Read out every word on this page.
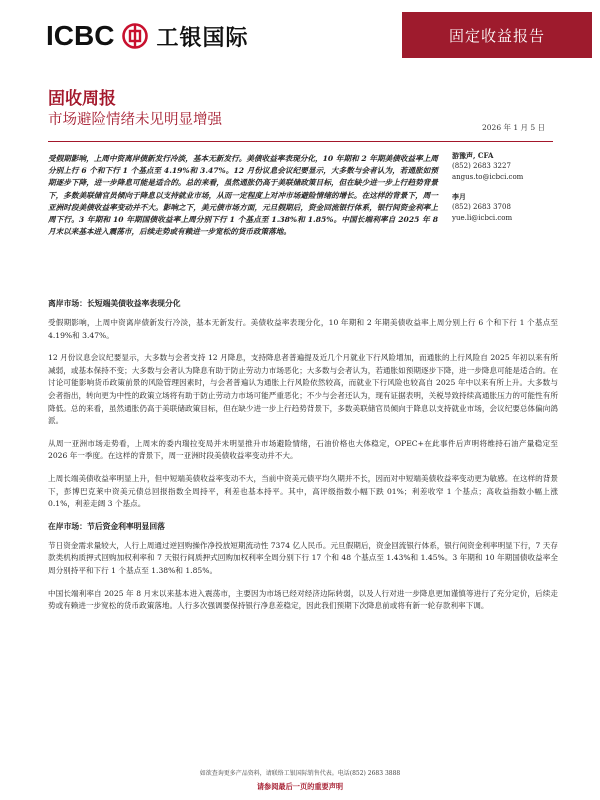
ICBC 工银国际	固定收益报告
固收周报
市场避险情绪未见明显增强	2026 年 1 月 5 日
受假期影响，上周中资离岸债新发行冷淡，基本无新发行。美债收益率表现分化，10 年期和 2 年期美债收益率上周分别上行 6 个和下行 1 个基点至 4.19%和 3.47%。12 月份议息会议纪要显示，大多数与会者认为，若通胀如预期逐步下降，进一步降息可能是适合的。总的来看，虽然通胀仍高于美联储政策目标，但在缺少进一步上行趋势背景下，多数美联储官员倾向于降息以支持就业市场，从而一定程度上对冲市场避险情绪的增长。在这样的背景下，周一亚洲时段美债收益率变动并不大。影响之下，美元债市场方面，元旦假期后，资金回流银行体系，银行间资金利率上周下行。3 年期和 10 年期国债收益率上周分别下行 1 个基点至 1.38%和 1.85%。中国长端利率自 2025 年 8 月末以来基本进入震荡市，后续走势或有赖进一步宽松的货币政策落地。
游豫声, CFA
(852) 2683 3227
angus.to@icbci.com
李月
(852) 2683 3708
yue.li@icbci.com
离岸市场：长短端美债收益率表现分化

受假期影响，上周中资离岸债新发行冷淡，基本无新发行。美债收益率表现分化，10 年期和 2 年期美债收益率上周分别上行 6 个和下行 1 个基点至 4.19%和 3.47%。

12 月份议息会议纪要显示，大多数与会者支持 12 月降息，支持降息者普遍提及近几个月就业下行风险增加，而通胀的上行风险自 2025 年初以来有所减弱，或基本保持不变；大多数与会者认为降息有助于防止劳动力市场恶化；大多数与会者认为，若通胀如预期逐步下降，进一步降息可能是适合的。在讨论可能影响货币政策前景的风险管理因素时，与会者普遍认为通胀上行风险依然较高，而就业下行风险也较高自 2025 年中以来有所上升。大多数与会者指出，转向更为中性的政策立场将有助于防止劳动力市场可能严重恶化；不少与会者还认为，现有证据表明，关税导致持续高通胀压力的可能性有所降低。总的来看，虽然通胀仍高于美联储政策目标，但在缺少进一步上行趋势背景下，多数美联储官员倾向于降息以支持就业市场，会议纪要总体偏向鸽派。

从周一亚洲市场走势看，上周末的委内瑞拉变局并未明显推升市场避险情绪，石油价格也大体稳定，OPEC+在此事件后声明将维持石油产量稳定至 2026 年一季度。在这样的背景下，周一亚洲时段美债收益率变动并不大。

上周长端美债收益率明显上升，但中短端美债收益率变动不大，当前中资美元债平均久期并不长，因而对中短端美债收益率变动更为敏感。在这样的背景下，彭博巴克莱中资美元债总回报指数全周持平，利差也基本持平。其中，高评级指数小幅下跌 01%；利差收窄 1 个基点；高收益指数小幅上涨 0.1%，利差走阔 3 个基点。

在岸市场：节后资金利率明显回落

节日资金需求量较大，人行上周通过逆回购操作净投放短期流动性 7374 亿人民币。元旦假期后，资金回流银行体系，银行间资金利率明显下行，7 天存款类机构质押式回购加权利率和 7 天银行间质押式回购加权利率全周分别下行 17 个和 48 个基点至 1.43%和 1.45%。3 年期和 10 年期国债收益率全周分别持平和下行 1 个基点至 1.38%和 1.85%。

中国长端利率自 2025 年 8 月末以来基本进入震荡市，主要因为市场已经对经济边际转弱，以及人行对进一步降息更加谨慎等进行了充分定价，后续走势或有赖进一步宽松的货币政策落地。人行多次强调要保持银行净息差稳定，因此我们预期下次降息前或将有新一轮存款利率下调。

如欲查询更多产品资料，请联络工银国际销售代表。电话(852) 2683 3888
请参阅最后一页的重要声明
